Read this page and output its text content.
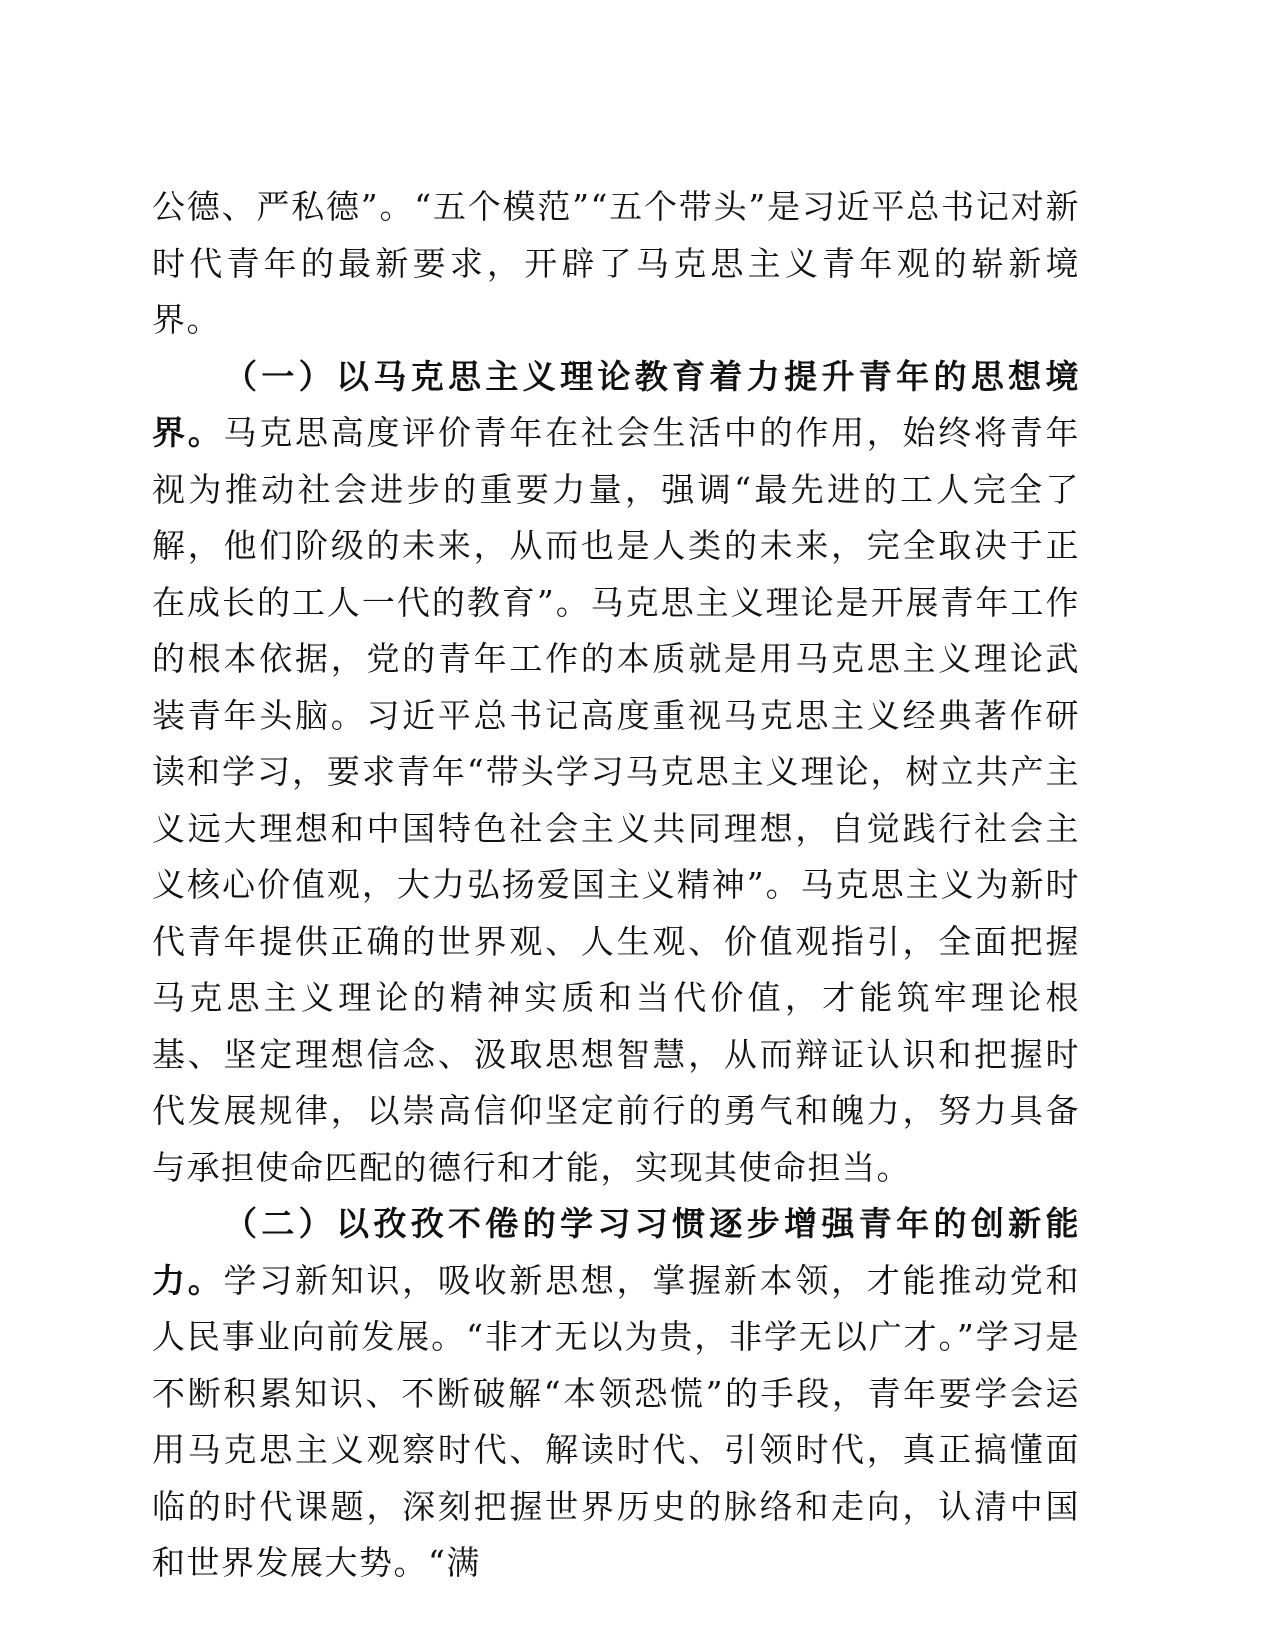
公德、严私德”。“五个模范”“五个带头”是习近平总书记对新时代青年的最新要求，开辟了马克思主义青年观的崭新境界。

（一）以马克思主义理论教育着力提升青年的思想境界。马克思高度评价青年在社会生活中的作用，始终将青年视为推动社会进步的重要力量，强调“最先进的工人完全了解，他们阶级的未来，从而也是人类的未来，完全取决于正在成长的工人一代的教育”。马克思主义理论是开展青年工作的根本依据，党的青年工作的本质就是用马克思主义理论武装青年头脑。习近平总书记高度重视马克思主义经典著作研读和学习，要求青年“带头学习马克思主义理论，树立共产主义远大理想和中国特色社会主义共同理想，自觉践行社会主义核心价值观，大力弘扬爱国主义精神”。马克思主义为新时代青年提供正确的世界观、人生观、价值观指引，全面把握马克思主义理论的精神实质和当代价值，才能筑牢理论根基、坚定理想信念、汲取思想智慧，从而辩证认识和把握时代发展规律，以崇高信仰坚定前行的勇气和魄力，努力具备与承担使命匹配的德行和才能，实现其使命担当。

（二）以孜孜不倦的学习习惯逐步增强青年的创新能力。学习新知识，吸收新思想，掌握新本领，才能推动党和人民事业向前发展。“非才无以为贵，非学无以广才。”学习是不断积累知识、不断破解“本领恐慌”的手段，青年要学会运用马克思主义观察时代、解读时代、引领时代，真正搞懂面临的时代课题，深刻把握世界历史的脉络和走向，认清中国和世界发展大势。“满
